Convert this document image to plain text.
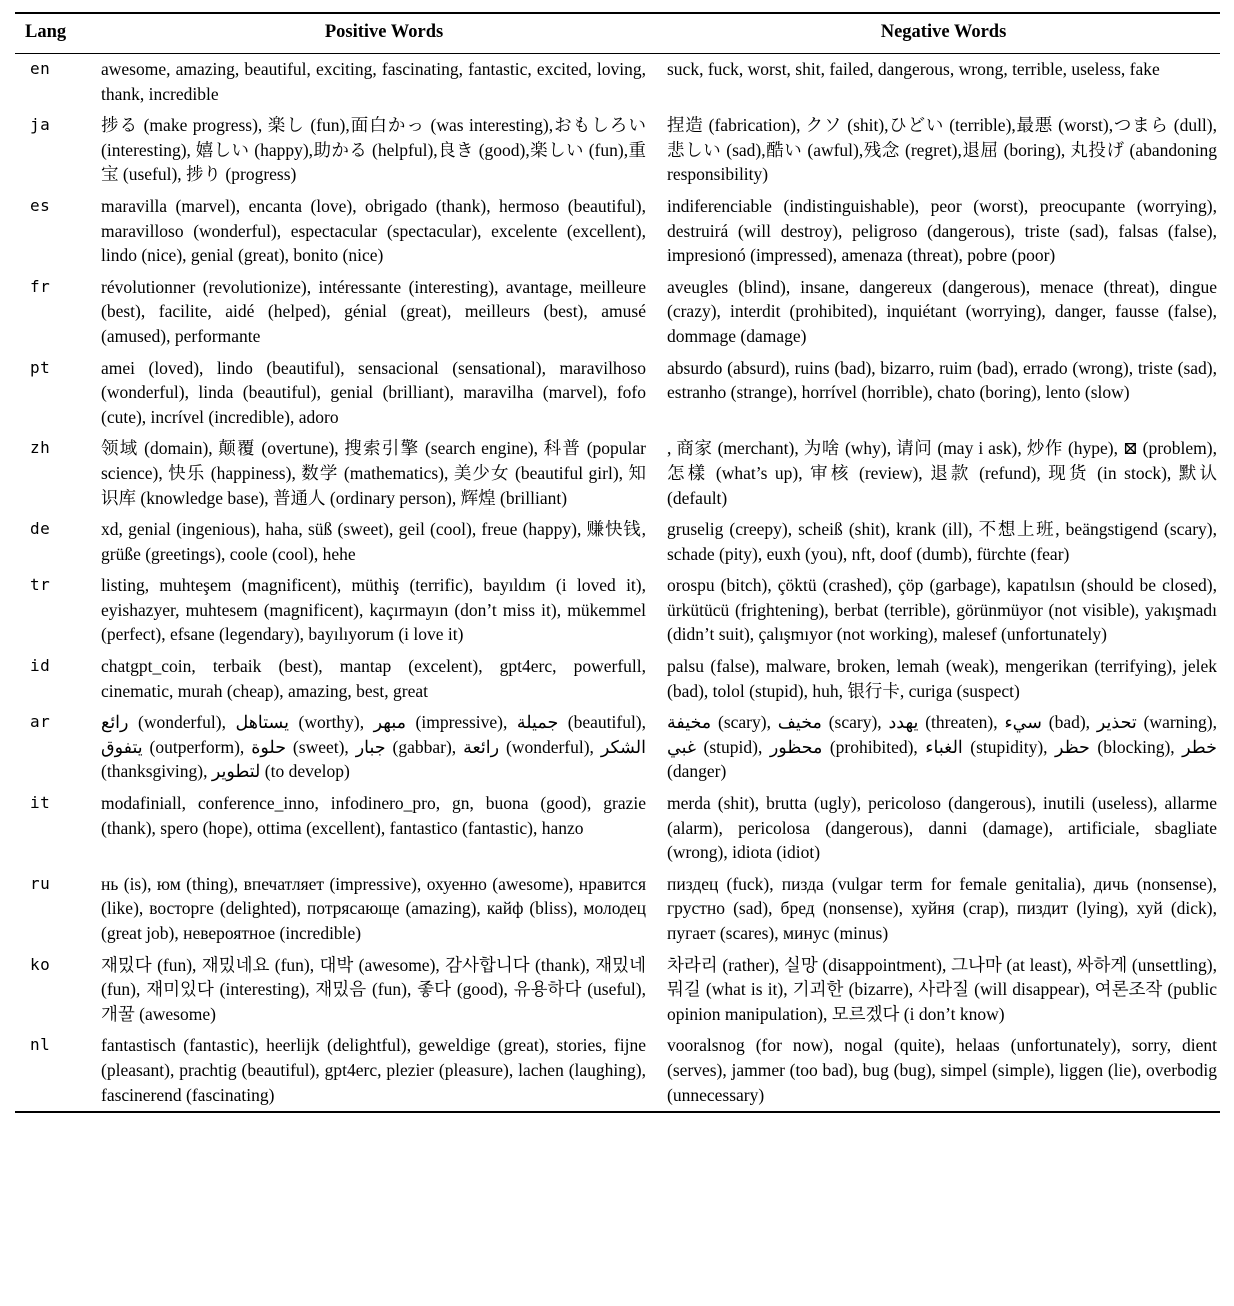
Lang	Positive Words	Negative Words
en	awesome, amazing, beautiful, exciting, fascinating, fantastic, excited, loving, thank, incredible	suck, fuck, worst, shit, failed, dangerous, wrong, terrible, useless, fake
ja	捗る (make progress), 楽し (fun),面白かっ (was interesting),おもしろい (interesting), 嬉しい (happy),助かる (helpful),良き (good),楽しい (fun),重宝 (useful), 捗り (progress)	捏造 (fabrication), クソ (shit),ひどい (terrible),最悪 (worst),つまら (dull),悲しい (sad),酷い (awful),残念 (regret),退屈 (boring), 丸投げ (abandoning responsibility)
es	maravilla (marvel), encanta (love), obrigado (thank), hermoso (beautiful), maravilloso (wonderful), espectacular (spectacular), excelente (excellent), lindo (nice), genial (great), bonito (nice)	indiferenciable (indistinguishable), peor (worst), preocupante (worrying), destruirá (will destroy), peligroso (dangerous), triste (sad), falsas (false), impresionó (impressed), amenaza (threat), pobre (poor)
fr	révolutionner (revolutionize), intéressante (interesting), avantage, meilleure (best), facilite, aidé (helped), génial (great), meilleurs (best), amusé (amused), performante	aveugles (blind), insane, dangereux (dangerous), menace (threat), dingue (crazy), interdit (prohibited), inquiétant (worrying), danger, fausse (false), dommage (damage)
pt	amei (loved), lindo (beautiful), sensacional (sensational), maravilhoso (wonderful), linda (beautiful), genial (brilliant), maravilha (marvel), fofo (cute), incrível (incredible), adoro	absurdo (absurd), ruins (bad), bizarro, ruim (bad), errado (wrong), triste (sad), estranho (strange), horrível (horrible), chato (boring), lento (slow)
zh	领域 (domain), 颠覆 (overtune), 搜索引擎 (search engine), 科普 (popular science), 快乐 (happiness), 数学 (mathematics), 美少女 (beautiful girl), 知识库 (knowledge base), 普通人 (ordinary person), 辉煌 (brilliant)	, 商家 (merchant), 为啥 (why), 请问 (may i ask), 炒作 (hype), ⊠ (problem), 怎樣 (what’s up), 审核 (review), 退款 (refund), 现货 (in stock), 默认 (default)
de	xd, genial (ingenious), haha, süß (sweet), geil (cool), freue (happy), 赚快钱, grüße (greetings), coole (cool), hehe	gruselig (creepy), scheiß (shit), krank (ill), 不想上班, beängstigend (scary), schade (pity), euxh (you), nft, doof (dumb), fürchte (fear)
tr	listing, muhteşem (magnificent), müthiş (terrific), bayıldım (i loved it), eyishazyer, muhtesem (magnificent), kaçırmayın (don’t miss it), mükemmel (perfect), efsane (legendary), bayılıyorum (i love it)	orospu (bitch), çöktü (crashed), çöp (garbage), kapatılsın (should be closed), ürkütücü (frightening), berbat (terrible), görünmüyor (not visible), yakışmadı (didn’t suit), çalışmıyor (not working), malesef (unfortunately)
id	chatgpt_coin, terbaik (best), mantap (excelent), gpt4erc, powerfull, cinematic, murah (cheap), amazing, best, great	palsu (false), malware, broken, lemah (weak), mengerikan (terrifying), jelek (bad), tolol (stupid), huh, 银行卡, curiga (suspect)
ar	رائع (wonderful), يستاهل (worthy), مبهر (impressive), جميلة (beautiful), يتفوق (outperform), حلوة (sweet), جبار (gabbar), رائعة (wonderful), الشكر (thanksgiving), لتطوير (to develop)	مخيفة (scary), مخيف (scary), يهدد (threaten), سيء (bad), تحذير (warning), غبي (stupid), محظور (prohibited), الغباء (stupidity), حظر (blocking), خطر (danger)
it	modafiniall, conference_inno, infodinero_pro, gn, buona (good), grazie (thank), spero (hope), ottima (excellent), fantastico (fantastic), hanzo	merda (shit), brutta (ugly), pericoloso (dangerous), inutili (useless), allarme (alarm), pericolosa (dangerous), danni (damage), artificiale, sbagliate (wrong), idiota (idiot)
ru	нь (is), юм (thing), впечатляет (impressive), охуенно (awesome), нравится (like), восторге (delighted), потрясающе (amazing), кайф (bliss), молодец (great job), невероятное (incredible)	пиздец (fuck), пизда (vulgar term for female genitalia), дичь (nonsense), грустно (sad), бред (nonsense), хуйня (crap), пиздит (lying), хуй (dick), пугает (scares), минус (minus)
ko	재밌다 (fun), 재밌네요 (fun), 대박 (awesome), 감사합니다 (thank), 재밌네 (fun), 재미있다 (interesting), 재밌음 (fun), 좋다 (good), 유용하다 (useful), 개꿀 (awesome)	차라리 (rather), 실망 (disappointment), 그나마 (at least), 싸하게 (unsettling), 뭐길 (what is it), 기괴한 (bizarre), 사라질 (will disappear), 여론조작 (public opinion manipulation), 모르겠다 (i don’t know)
nl	fantastisch (fantastic), heerlijk (delightful), geweldige (great), stories, fijne (pleasant), prachtig (beautiful), gpt4erc, plezier (pleasure), lachen (laughing), fascinerend (fascinating)	vooralsnog (for now), nogal (quite), helaas (unfortunately), sorry, dient (serves), jammer (too bad), bug (bug), simpel (simple), liggen (lie), overbodig (unnecessary)
